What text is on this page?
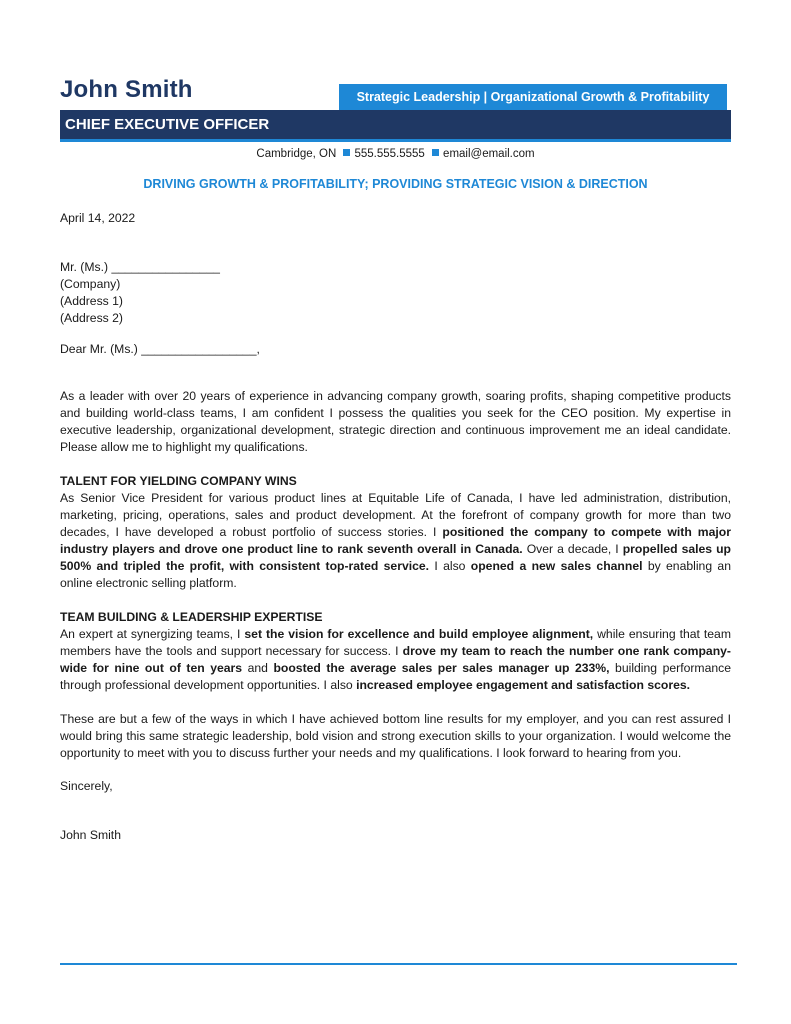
John Smith	Strategic Leadership | Organizational Growth & Profitability
CHIEF EXECUTIVE OFFICER
Cambridge, ON 555.555.5555 email@email.com
DRIVING GROWTH & PROFITABILITY; PROVIDING STRATEGIC VISION & DIRECTION

April 14, 2022

Mr. (Ms.) ________________

(Company)

(Address 1)

(Address 2)

Dear Mr. (Ms.) _________________,

As a leader with over 20 years of experience in advancing company growth, soaring profits, shaping competitive products and building world-class teams, I am confident I possess the qualities you seek for the CEO position. My expertise in executive leadership, organizational development, strategic direction and continuous improvement me an ideal candidate. Please allow me to highlight my qualifications.

TALENT FOR YIELDING COMPANY WINS

As Senior Vice President for various product lines at Equitable Life of Canada, I have led administration, distribution, marketing, pricing, operations, sales and product development. At the forefront of company growth for more than two decades, I have developed a robust portfolio of success stories. I positioned the company to compete with major industry players and drove one product line to rank seventh overall in Canada. Over a decade, I propelled sales up 500% and tripled the profit, with consistent top-rated service. I also opened a new sales channel by enabling an online electronic selling platform.

TEAM BUILDING & LEADERSHIP EXPERTISE

An expert at synergizing teams, I set the vision for excellence and build employee alignment, while ensuring that team members have the tools and support necessary for success. I drove my team to reach the number one rank company-wide for nine out of ten years and boosted the average sales per sales manager up 233%, building performance through professional development opportunities. I also increased employee engagement and satisfaction scores.

These are but a few of the ways in which I have achieved bottom line results for my employer, and you can rest assured I would bring this same strategic leadership, bold vision and strong execution skills to your organization. I would welcome the opportunity to meet with you to discuss further your needs and my qualifications. I look forward to hearing from you.

Sincerely,

John Smith
